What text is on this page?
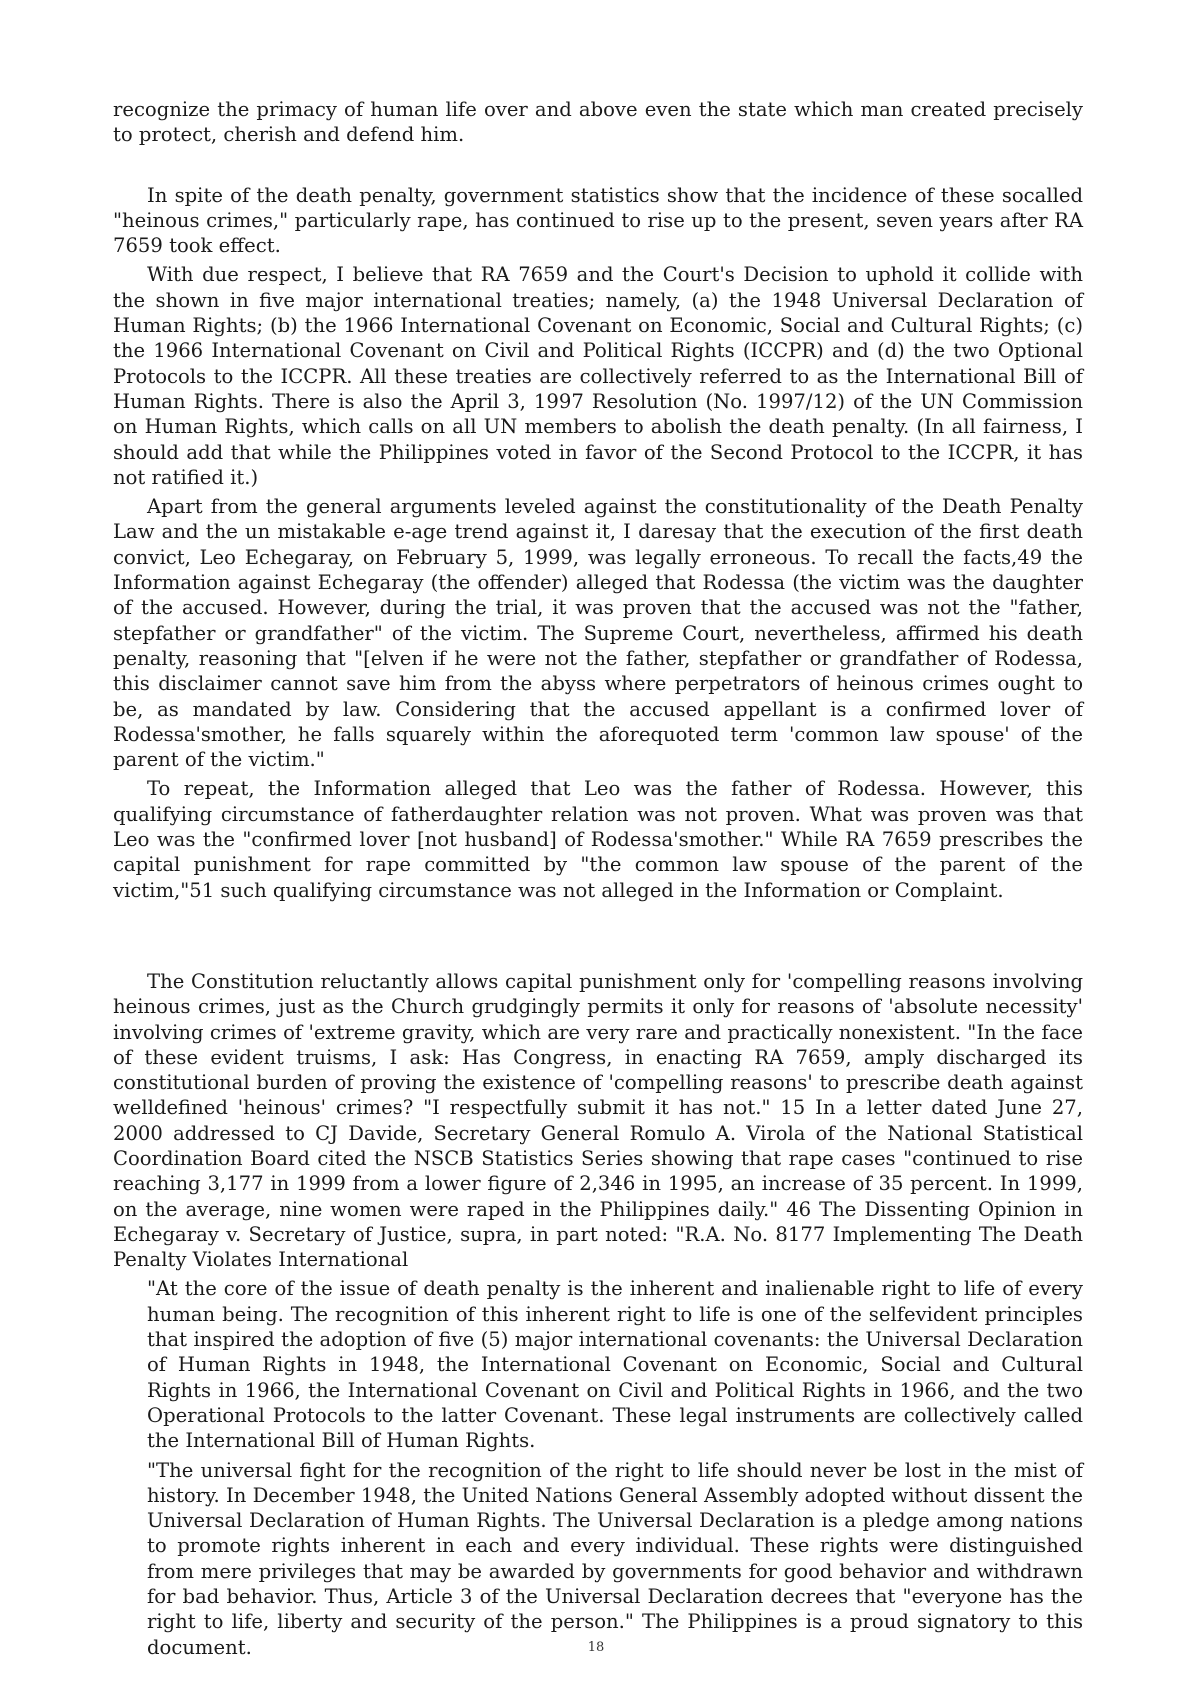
recognize the primacy of human life over and above even the state which man created precisely to protect, cherish and defend him.

In spite of the death penalty, government statistics show that the incidence of these socalled "heinous crimes," particularly rape, has continued to rise up to the present, seven years after RA 7659 took effect.

With due respect, I believe that RA 7659 and the Court's Decision to uphold it collide with the shown in five major international treaties; namely, (a) the 1948 Universal Declaration of Human Rights; (b) the 1966 International Covenant on Economic, Social and Cultural Rights; (c) the 1966 International Covenant on Civil and Political Rights (ICCPR) and (d) the two Optional Protocols to the ICCPR. All these treaties are collectively referred to as the International Bill of Human Rights. There is also the April 3, 1997 Resolution (No. 1997/12) of the UN Commission on Human Rights, which calls on all UN members to abolish the death penalty. (In all fairness, I should add that while the Philippines voted in favor of the Second Protocol to the ICCPR, it has not ratified it.)

Apart from the general arguments leveled against the constitutionality of the Death Penalty Law and the un mistakable e-age trend against it, I daresay that the execution of the first death convict, Leo Echegaray, on February 5, 1999, was legally erroneous. To recall the facts,49 the Information against Echegaray (the offender) alleged that Rodessa (the victim was the daughter of the accused. However, during the trial, it was proven that the accused was not the "father, stepfather or grandfather" of the victim. The Supreme Court, nevertheless, affirmed his death penalty, reasoning that "[elven if he were not the father, stepfather or grandfather of Rodessa, this disclaimer cannot save him from the abyss where perpetrators of heinous crimes ought to be, as mandated by law. Considering that the accused appellant is a confirmed lover of Rodessa'smother, he falls squarely within the aforequoted term 'common law spouse' of the parent of the victim."

To repeat, the Information alleged that Leo was the father of Rodessa. However, this qualifying circumstance of fatherdaughter relation was not proven. What was proven was that Leo was the "confirmed lover [not husband] of Rodessa'smother." While RA 7659 prescribes the capital punishment for rape committed by "the common law spouse of the parent of the victim,"51 such qualifying circumstance was not alleged in the Information or Complaint.

The Constitution reluctantly allows capital punishment only for 'compelling reasons involving heinous crimes, just as the Church grudgingly permits it only for reasons of 'absolute necessity' involving crimes of 'extreme gravity, which are very rare and practically nonexistent. "In the face of these evident truisms, I ask: Has Congress, in enacting RA 7659, amply discharged its constitutional burden of proving the existence of 'compelling reasons' to prescribe death against welldefined 'heinous' crimes? "I respectfully submit it has not." 15 In a letter dated June 27, 2000 addressed to CJ Davide, Secretary General Romulo A. Virola of the National Statistical Coordination Board cited the NSCB Statistics Series showing that rape cases "continued to rise reaching 3,177 in 1999 from a lower figure of 2,346 in 1995, an increase of 35 percent. In 1999, on the average, nine women were raped in the Philippines daily." 46 The Dissenting Opinion in Echegaray v. Secretary of Justice, supra, in part noted: "R.A. No. 8177 Implementing The Death Penalty Violates International

"At the core of the issue of death penalty is the inherent and inalienable right to life of every human being. The recognition of this inherent right to life is one of the selfevident principles that inspired the adoption of five (5) major international covenants: the Universal Declaration of Human Rights in 1948, the International Covenant on Economic, Social and Cultural Rights in 1966, the International Covenant on Civil and Political Rights in 1966, and the two Operational Protocols to the latter Covenant. These legal instruments are collectively called the International Bill of Human Rights.

"The universal fight for the recognition of the right to life should never be lost in the mist of history. In December 1948, the United Nations General Assembly adopted without dissent the Universal Declaration of Human Rights. The Universal Declaration is a pledge among nations to promote rights inherent in each and every individual. These rights were distinguished from mere privileges that may be awarded by governments for good behavior and withdrawn for bad behavior. Thus, Article 3 of the Universal Declaration decrees that "everyone has the right to life, liberty and security of the person." The Philippines is a proud signatory to this document.	18
